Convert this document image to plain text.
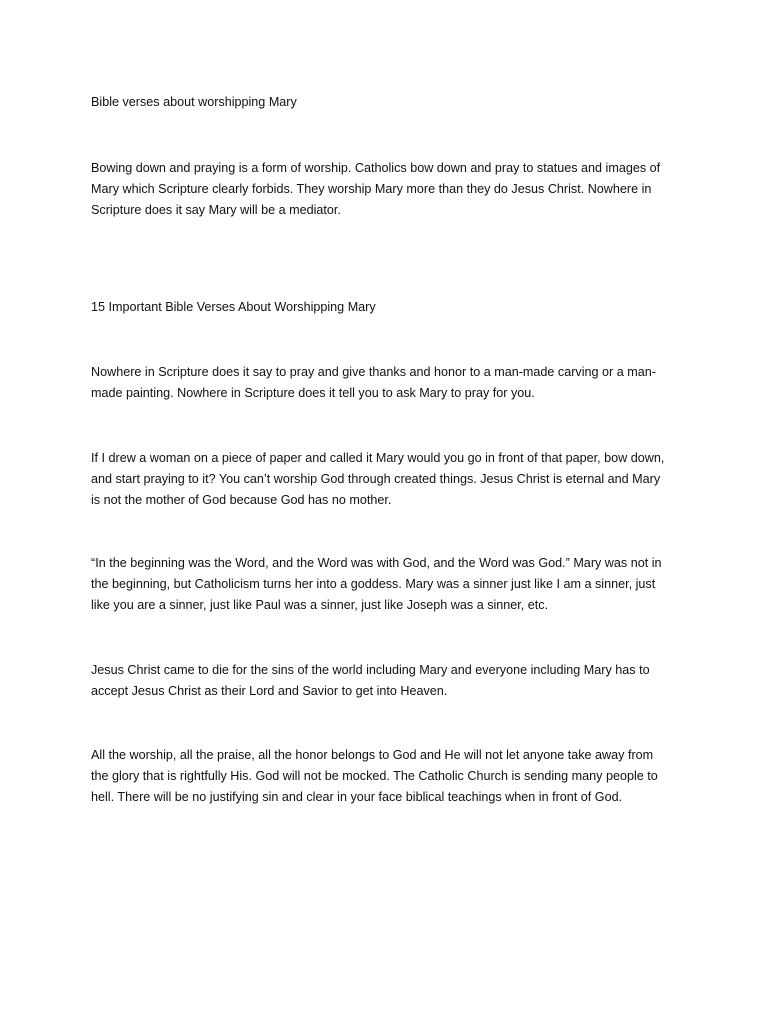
Bible verses about worshipping Mary

Bowing down and praying is a form of worship. Catholics bow down and pray to statues and images of Mary which Scripture clearly forbids. They worship Mary more than they do Jesus Christ. Nowhere in Scripture does it say Mary will be a mediator.

15 Important Bible Verses About Worshipping Mary

Nowhere in Scripture does it say to pray and give thanks and honor to a man-made carving or a man-made painting. Nowhere in Scripture does it tell you to ask Mary to pray for you.

If I drew a woman on a piece of paper and called it Mary would you go in front of that paper, bow down, and start praying to it? You can’t worship God through created things. Jesus Christ is eternal and Mary is not the mother of God because God has no mother.

“In the beginning was the Word, and the Word was with God, and the Word was God.” Mary was not in the beginning, but Catholicism turns her into a goddess. Mary was a sinner just like I am a sinner, just like you are a sinner, just like Paul was a sinner, just like Joseph was a sinner, etc.

Jesus Christ came to die for the sins of the world including Mary and everyone including Mary has to accept Jesus Christ as their Lord and Savior to get into Heaven.

All the worship, all the praise, all the honor belongs to God and He will not let anyone take away from the glory that is rightfully His. God will not be mocked. The Catholic Church is sending many people to hell. There will be no justifying sin and clear in your face biblical teachings when in front of God.
